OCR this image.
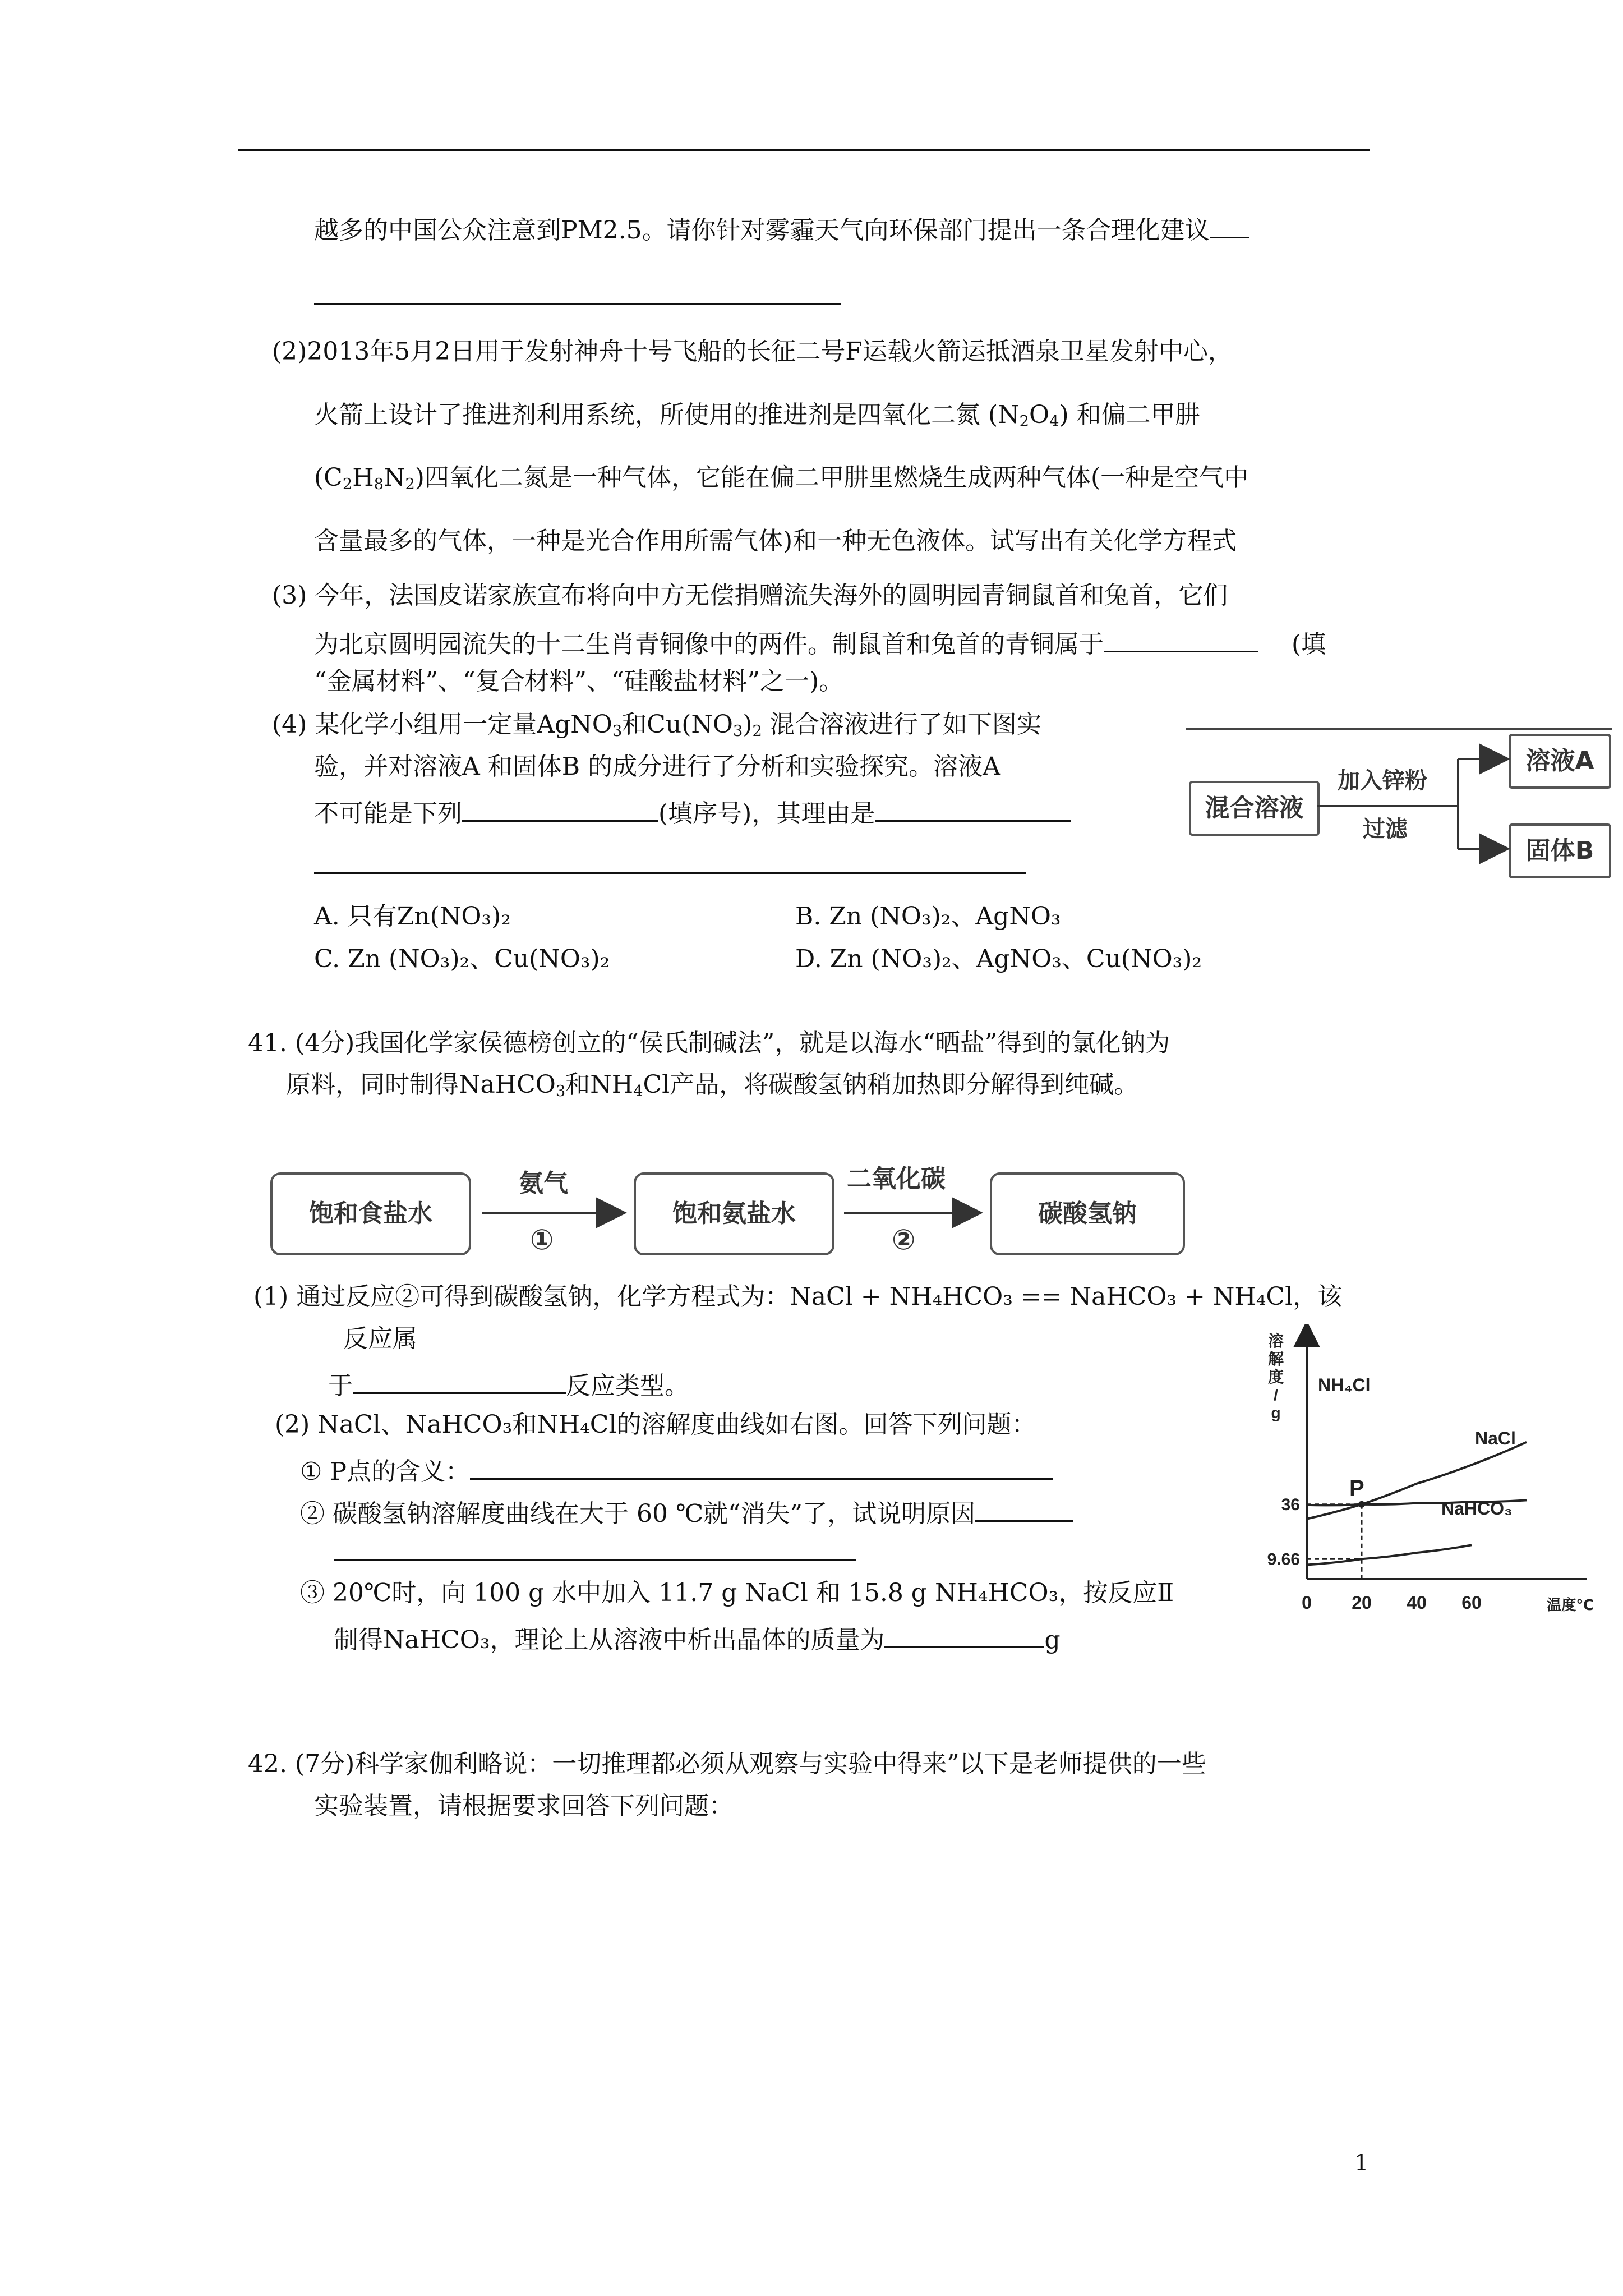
越多的中国公众注意到PM2.5。请你针对雾霾天气向环保部门提出一条合理化建议
(2)2013年5月2日用于发射神舟十号飞船的长征二号F运载火箭运抵酒泉卫星发射中心，
火箭上设计了推进剂利用系统，所使用的推进剂是四氧化二氮 $(N_2O_4)$ 和偏二甲肼
$(C_2H_8N_2)$四氧化二氮是一种气体，它能在偏二甲肼里燃烧生成两种气体(一种是空气中
含量最多的气体，一种是光合作用所需气体)和一种无色液体。试写出有关化学方程式
(3) 今年，法国皮诺家族宣布将向中方无偿捐赠流失海外的圆明园青铜鼠首和兔首，它们
为北京圆明园流失的十二生肖青铜像中的两件。制鼠首和兔首的青铜属于	(填
“金属材料”、“复合材料”、“硅酸盐材料”之一)。
(4) 某化学小组用一定量AgNO$_3$和$Cu(NO_3)_2$ 混合溶液进行了如下图实
验，并对溶液A 和固体B 的成分进行了分析和实验探究。溶液A
不可能是下列	(填序号)，其理由是
A. 只有Zn(NO₃)₂	B. Zn (NO₃)₂、AgNO₃
C. Zn (NO₃)₂、Cu(NO₃)₂	D. Zn (NO₃)₂、AgNO₃、Cu(NO₃)₂
混合溶液
加入锌粉
过滤
溶液A
固体B
41. (4分)我国化学家侯德榜创立的“侯氏制碱法”，就是以海水“晒盐”得到的氯化钠为
原料，同时制得NaHCO$_3$和$NH_4Cl$产品，将碳酸氢钠稍加热即分解得到纯碱。
饱和食盐水
氨气
①
饱和氨盐水
二氧化碳
②
碳酸氢钠
(1) 通过反应②可得到碳酸氢钠，化学方程式为：NaCl + NH₄HCO₃ == NaHCO₃ + NH₄Cl，该
反应属
于	反应类型。
(2) NaCl、NaHCO₃和NH₄Cl的溶解度曲线如右图。回答下列问题：
① P点的含义：
② 碳酸氢钠溶解度曲线在大于 60 ℃就“消失”了，试说明原因
③ 20℃时，向 100 g 水中加入 11.7 g NaCl 和 15.8 g NH₄HCO₃，按反应Ⅱ
制得NaHCO₃，理论上从溶液中析出晶体的质量为	g
溶
解
度
/
g
温度℃
0 20 40 60
9.66
36
NH₄Cl
NaCl
NaHCO₃
P
42. (7分)科学家伽利略说：一切推理都必须从观察与实验中得来”以下是老师提供的一些
实验装置，请根据要求回答下列问题：
1
